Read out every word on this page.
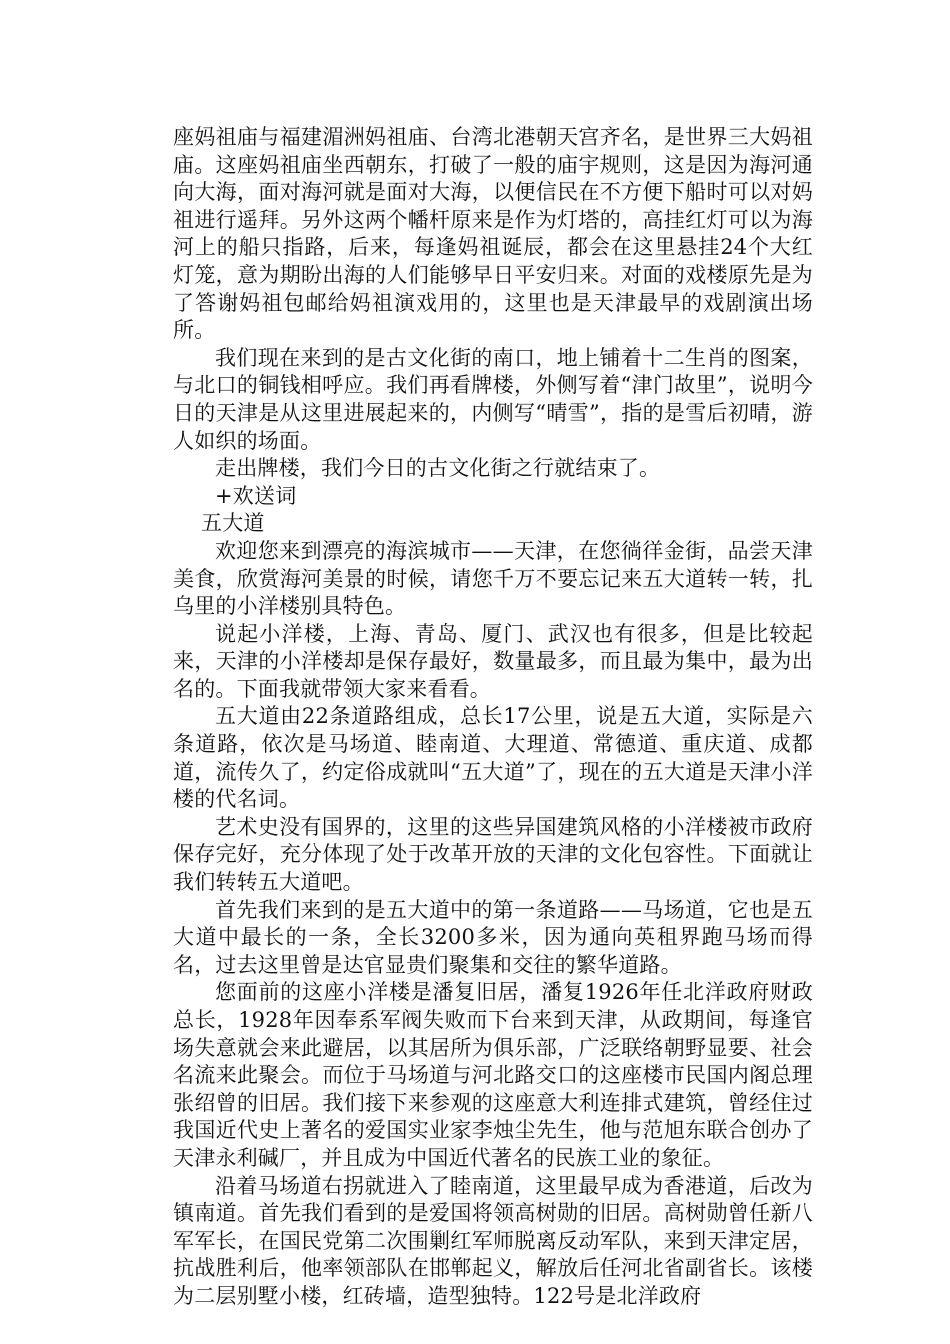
座妈祖庙与福建湄洲妈祖庙、台湾北港朝天宫齐名，是世界三大妈祖庙。这座妈祖庙坐西朝东，打破了一般的庙宇规则，这是因为海河通向大海，面对海河就是面对大海，以便信民在不方便下船时可以对妈祖进行遥拜。另外这两个幡杆原来是作为灯塔的，高挂红灯可以为海河上的船只指路，后来，每逢妈祖诞辰，都会在这里悬挂24个大红灯笼，意为期盼出海的人们能够早日平安归来。对面的戏楼原先是为了答谢妈祖包邮给妈祖演戏用的，这里也是天津最早的戏剧演出场所。

我们现在来到的是古文化街的南口，地上铺着十二生肖的图案，与北口的铜钱相呼应。我们再看牌楼，外侧写着“津门故里”，说明今日的天津是从这里进展起来的，内侧写“晴雪”，指的是雪后初晴，游人如织的场面。

走出牌楼，我们今日的古文化街之行就结束了。

+欢送词

五大道

欢迎您来到漂亮的海滨城市——天津，在您徜徉金街，品尝天津美食，欣赏海河美景的时候，请您千万不要忘记来五大道转一转，扎乌里的小洋楼别具特色。

说起小洋楼，上海、青岛、厦门、武汉也有很多，但是比较起来，天津的小洋楼却是保存最好，数量最多，而且最为集中，最为出名的。下面我就带领大家来看看。

五大道由22条道路组成，总长17公里，说是五大道，实际是六条道路，依次是马场道、睦南道、大理道、常德道、重庆道、成都道，流传久了，约定俗成就叫“五大道”了，现在的五大道是天津小洋楼的代名词。

艺术史没有国界的，这里的这些异国建筑风格的小洋楼被市政府保存完好，充分体现了处于改革开放的天津的文化包容性。下面就让我们转转五大道吧。

首先我们来到的是五大道中的第一条道路——马场道，它也是五大道中最长的一条，全长3200多米，因为通向英租界跑马场而得名，过去这里曾是达官显贵们聚集和交往的繁华道路。

您面前的这座小洋楼是潘复旧居，潘复1926年任北洋政府财政总长，1928年因奉系军阀失败而下台来到天津，从政期间，每逢官场失意就会来此避居，以其居所为俱乐部，广泛联络朝野显要、社会名流来此聚会。而位于马场道与河北路交口的这座楼市民国内阁总理张绍曾的旧居。我们接下来参观的这座意大利连排式建筑，曾经住过我国近代史上著名的爱国实业家李烛尘先生，他与范旭东联合创办了天津永利碱厂，并且成为中国近代著名的民族工业的象征。

沿着马场道右拐就进入了睦南道，这里最早成为香港道，后改为镇南道。首先我们看到的是爱国将领高树勋的旧居。高树勋曾任新八军军长，在国民党第二次围剿红军师脱离反动军队，来到天津定居，抗战胜利后，他率领部队在邯郸起义，解放后任河北省副省长。该楼为二层别墅小楼，红砖墙，造型独特。122号是北洋政府
